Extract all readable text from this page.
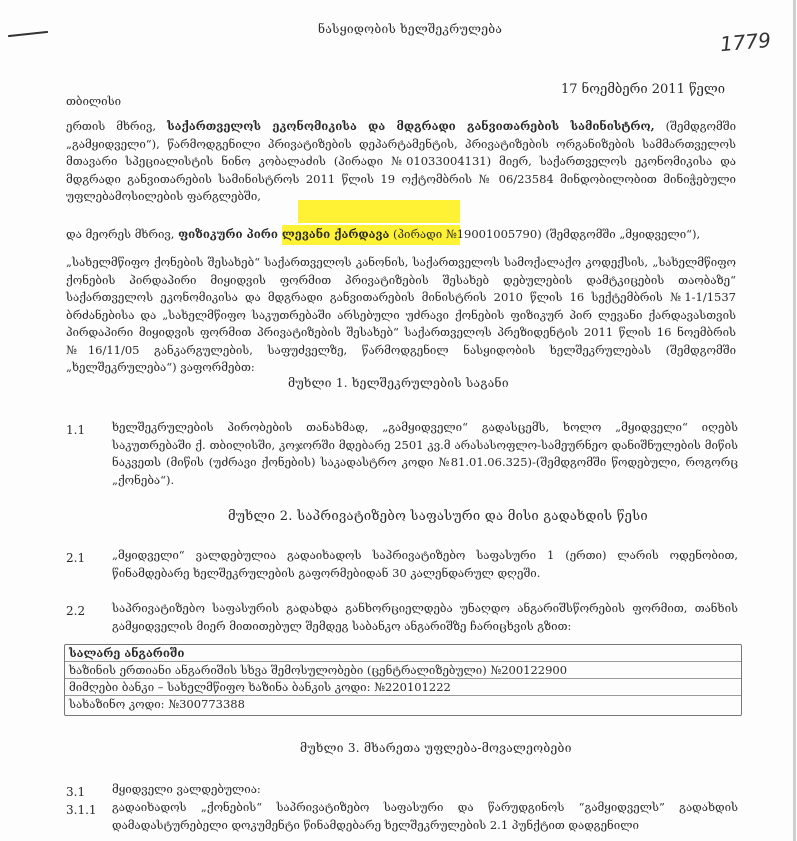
ნასყიდობის ხელშეკრულება	1779
17 ნოემბერი 2011 წელი
თბილისი
ერთის მხრივ, საქართველოს ეკონომიკისა და მდგრადი განვითარების სამინისტრო, (შემდგომში „გამყიდველი“), წარმოდგენილი პრივატიზების დეპარტამენტის, პრივატიზების ორგანიზების სამმართველოს მთავარი სპეციალისტის ნინო კობალაძის (პირადი №01033004131) მიერ, საქართველოს ეკონომიკისა და მდგრადი განვითარების სამინისტროს 2011 წლის 19 ოქტომბრის № 06/23584 მინდობილობით მინიჭებული უფლებამოსილების ფარგლებში,
და მეორეს მხრივ, ფიზიკური პირი ლევანი ქარდავა (პირადი №19001005790) (შემდგომში „მყიდველი“),
„სახელმწიფო ქონების შესახებ“ საქართველოს კანონის, საქართველოს სამოქალაქო კოდექსის, „სახელმწიფო ქონების პირდაპირი მიყიდვის ფორმით პრივატიზების შესახებ დებულების დამტკიცების თაობაზე“ საქართველოს ეკონომიკისა და მდგრადი განვითარების მინისტრის 2010 წლის 16 სექტემბრის №1-1/1537 ბრძანებისა და „სახელმწიფო საკუთრებაში არსებული უძრავი ქონების ფიზიკურ პირ ლევანი ქარდავასთვის პირდაპირი მიყიდვის ფორმით პრივატიზების შესახებ“ საქართველოს პრეზიდენტის 2011 წლის 16 ნოემბრის №16/11/05 განკარგულების, საფუძველზე, წარმოდგენილ ნასყიდობის ხელშეკრულებას (შემდგომში „ხელშეკრულება“) ვაფორმებთ:
მუხლი 1. ხელშეკრულების საგანი
1.1 ხელშეკრულების პირობების თანახმად, „გამყიდველი“ გადასცემს, ხოლო „მყიდველი“ იღებს საკუთრებაში ქ. თბილისში, კოჯორში მდებარე 2501 კვ.მ არასასოფლო-სამეურნეო დანიშნულების მიწის ნაკვეთს (მიწის (უძრავი ქონების) საკადასტრო კოდი №81.01.06.325)-(შემდგომში წოდებული, როგორც „ქონება“).
მუხლი 2. საპრივატიზებო საფასური და მისი გადახდის წესი
2.1 „მყიდველი“ ვალდებულია გადაიხადოს საპრივატიზებო საფასური 1 (ერთი) ლარის ოდენობით, წინამდებარე ხელშეკრულების გაფორმებიდან 30 კალენდარულ დღეში.
2.2 საპრივატიზებო საფასურის გადახდა განხორციელდება უნაღდო ანგარიშსწორების ფორმით, თანხის გამყიდველის მიერ მითითებულ შემდეგ საბანკო ანგარიშზე ჩარიცხვის გზით:
სალარე ანგარიში
ხაზინის ერთიანი ანგარიშის სხვა შემოსულობები (ცენტრალიზებული) №200122900
მიმღები ბანკი – სახელმწიფო ხაზინა ბანკის კოდი: №220101222
სახაზინო კოდი: №300773388
მუხლი 3. მხარეთა უფლება-მოვალეობები
3.1 მყიდველი ვალდებულია:
3.1.1 გადაიხადოს „ქონების“ საპრივატიზებო საფასური და წარუდგინოს “გამყიდველს” გადახდის დამადასტურებელი დოკუმენტი წინამდებარე ხელშეკრულების 2.1 პუნქტით დადგენილი
